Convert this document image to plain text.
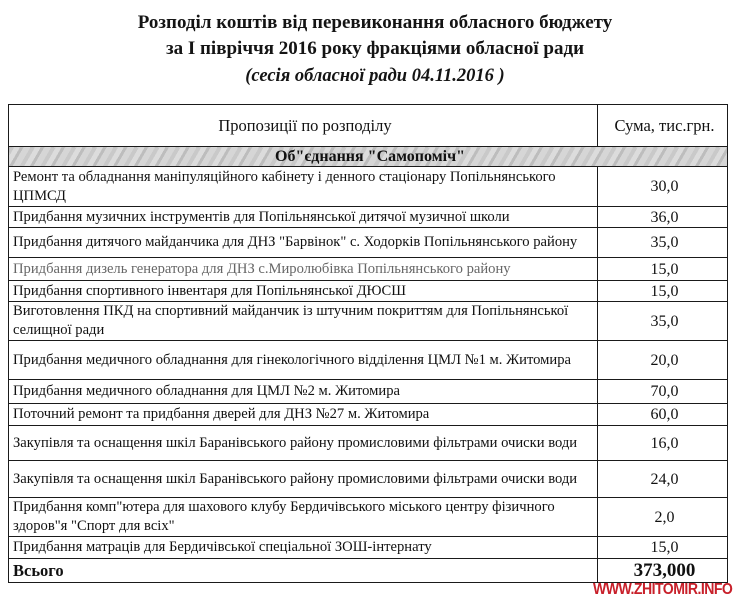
Розподіл коштів від перевиконання обласного бюджету
за І півріччя 2016 року фракціями обласної ради
(сесія обласної ради 04.11.2016 )
Пропозиції по розподілу	Сума, тис.грн.
Об"єднання "Самопоміч"	
Ремонт та обладнання маніпуляційного кабінету і денного стаціонару Попільнянського ЦПМСД	30,0
Придбання музичних інструментів для Попільнянської дитячої музичної школи	36,0
Придбання дитячого майданчика для ДНЗ "Барвінок" с. Ходорків Попільнянського району	35,0
Придбання дизель генератора для ДНЗ с.Миролюбівка Попільнянського району	15,0
Придбання спортивного інвентаря для Попільнянської ДЮСШ	15,0
Виготовлення ПКД на спортивний майданчик із штучним покриттям для Попільнянської селищної ради	35,0
Придбання медичного обладнання для гінекологічного відділення ЦМЛ №1 м. Житомира	20,0
Придбання медичного обладнання для ЦМЛ №2 м. Житомира	70,0
Поточний ремонт та придбання дверей для ДНЗ №27 м. Житомира	60,0
Закупівля та оснащення шкіл Баранівського району промисловими фільтрами очиски води	16,0
Закупівля та оснащення шкіл Баранівського району промисловими фільтрами очиски води	24,0
Придбання комп"ютера для шахового клубу Бердичівського міського центру фізичного здоров"я "Спорт для всіх"	2,0
Придбання матраців для Бердичівської спеціальної ЗОШ-інтернату	15,0
Всього	373,000
WWW.ZHITOMIR.INFO
